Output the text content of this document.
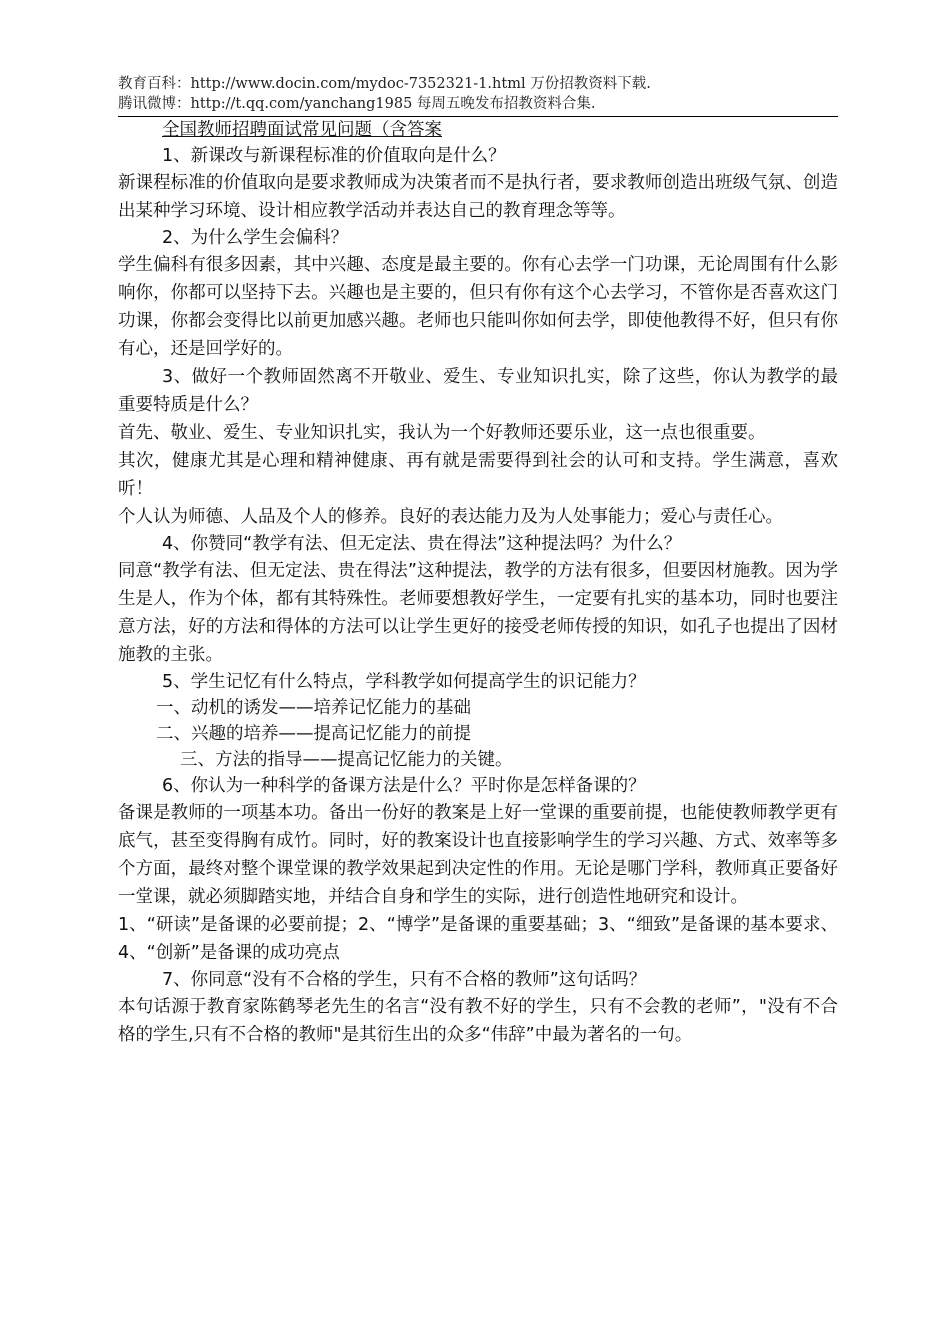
教育百科：http://www.docin.com/mydoc-7352321-1.html 万份招教资料下载.
腾讯微博：http://t.qq.com/yanchang1985 每周五晚发布招教资料合集.
全国教师招聘面试常见问题（含答案
1、新课改与新课程标准的价值取向是什么？
新课程标准的价值取向是要求教师成为决策者而不是执行者，要求教师创造出班级气氛、创造出某种学习环境、设计相应教学活动并表达自己的教育理念等等。
2、为什么学生会偏科？
学生偏科有很多因素，其中兴趣、态度是最主要的。你有心去学一门功课，无论周围有什么影响你，你都可以坚持下去。兴趣也是主要的，但只有你有这个心去学习，不管你是否喜欢这门功课，你都会变得比以前更加感兴趣。老师也只能叫你如何去学，即使他教得不好，但只有你有心，还是回学好的。
3、做好一个教师固然离不开敬业、爱生、专业知识扎实，除了这些，你认为教学的最重要特质是什么？
首先、敬业、爱生、专业知识扎实，我认为一个好教师还要乐业，这一点也很重要。
其次，健康尤其是心理和精神健康、再有就是需要得到社会的认可和支持。学生满意，喜欢听！
个人认为师德、人品及个人的修养。良好的表达能力及为人处事能力；爱心与责任心。
4、你赞同“教学有法、但无定法、贵在得法”这种提法吗？为什么？
同意“教学有法、但无定法、贵在得法”这种提法，教学的方法有很多，但要因材施教。因为学生是人，作为个体，都有其特殊性。老师要想教好学生，一定要有扎实的基本功，同时也要注意方法，好的方法和得体的方法可以让学生更好的接受老师传授的知识，如孔子也提出了因材施教的主张。
5、学生记忆有什么特点，学科教学如何提高学生的识记能力？
一、动机的诱发——培养记忆能力的基础
二、兴趣的培养——提高记忆能力的前提
三、方法的指导——提高记忆能力的关键。
6、你认为一种科学的备课方法是什么？平时你是怎样备课的？
备课是教师的一项基本功。备出一份好的教案是上好一堂课的重要前提，也能使教师教学更有底气，甚至变得胸有成竹。同时，好的教案设计也直接影响学生的学习兴趣、方式、效率等多个方面，最终对整个课堂课的教学效果起到决定性的作用。无论是哪门学科，教师真正要备好一堂课，就必须脚踏实地，并结合自身和学生的实际，进行创造性地研究和设计。
1、“研读”是备课的必要前提；2、“博学”是备课的重要基础；3、“细致”是备课的基本要求、4、“创新”是备课的成功亮点
7、你同意“没有不合格的学生，只有不合格的教师”这句话吗？
本句话源于教育家陈鹤琴老先生的名言“没有教不好的学生，只有不会教的老师”，"没有不合格的学生,只有不合格的教师"是其衍生出的众多“伟辞”中最为著名的一句。
